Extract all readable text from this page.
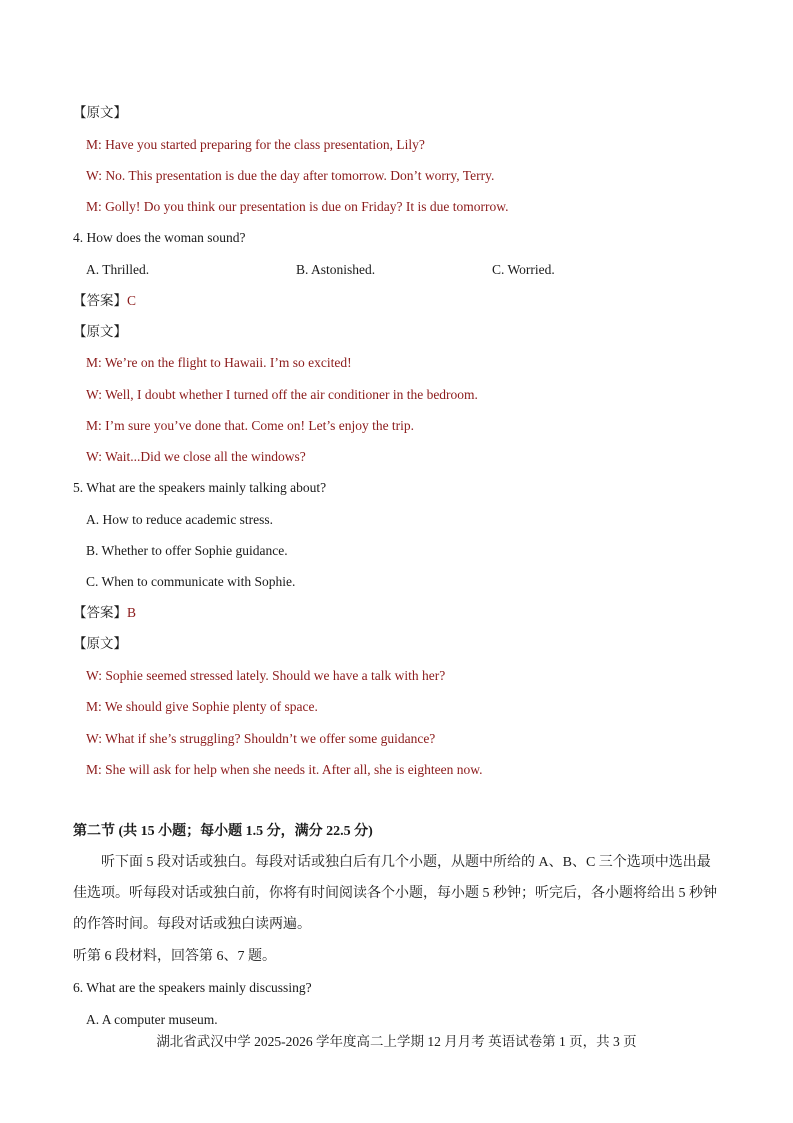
【原文】
M: Have you started preparing for the class presentation, Lily?
W: No. This presentation is due the day after tomorrow. Don’t worry, Terry.
M: Golly! Do you think our presentation is due on Friday? It is due tomorrow.
4. How does the woman sound?
A. Thrilled.	B. Astonished.	C. Worried.
【答案】C
【原文】
M: We’re on the flight to Hawaii. I’m so excited!
W: Well, I doubt whether I turned off the air conditioner in the bedroom.
M: I’m sure you’ve done that. Come on! Let’s enjoy the trip.
W: Wait...Did we close all the windows?
5. What are the speakers mainly talking about?
A. How to reduce academic stress.
B. Whether to offer Sophie guidance.
C. When to communicate with Sophie.
【答案】B
【原文】
W: Sophie seemed stressed lately. Should we have a talk with her?
M: We should give Sophie plenty of space.
W: What if she’s struggling? Shouldn’t we offer some guidance?
M: She will ask for help when she needs it. After all, she is eighteen now.
第二节 (共 15 小题；每小题 1.5 分，满分 22.5 分)
听下面 5 段对话或独白。每段对话或独白后有几个小题，从题中所给的 A、B、C 三个选项中选出最佳选项。听每段对话或独白前，你将有时间阅读各个小题，每小题 5 秒钟；听完后，各小题将给出 5 秒钟的作答时间。每段对话或独白读两遍。
听第 6 段材料，回答第 6、7 题。
6. What are the speakers mainly discussing?
A. A computer museum.
湖北省武汉中学 2025-2026 学年度高二上学期 12 月月考 英语试卷第 1 页，共 3 页
